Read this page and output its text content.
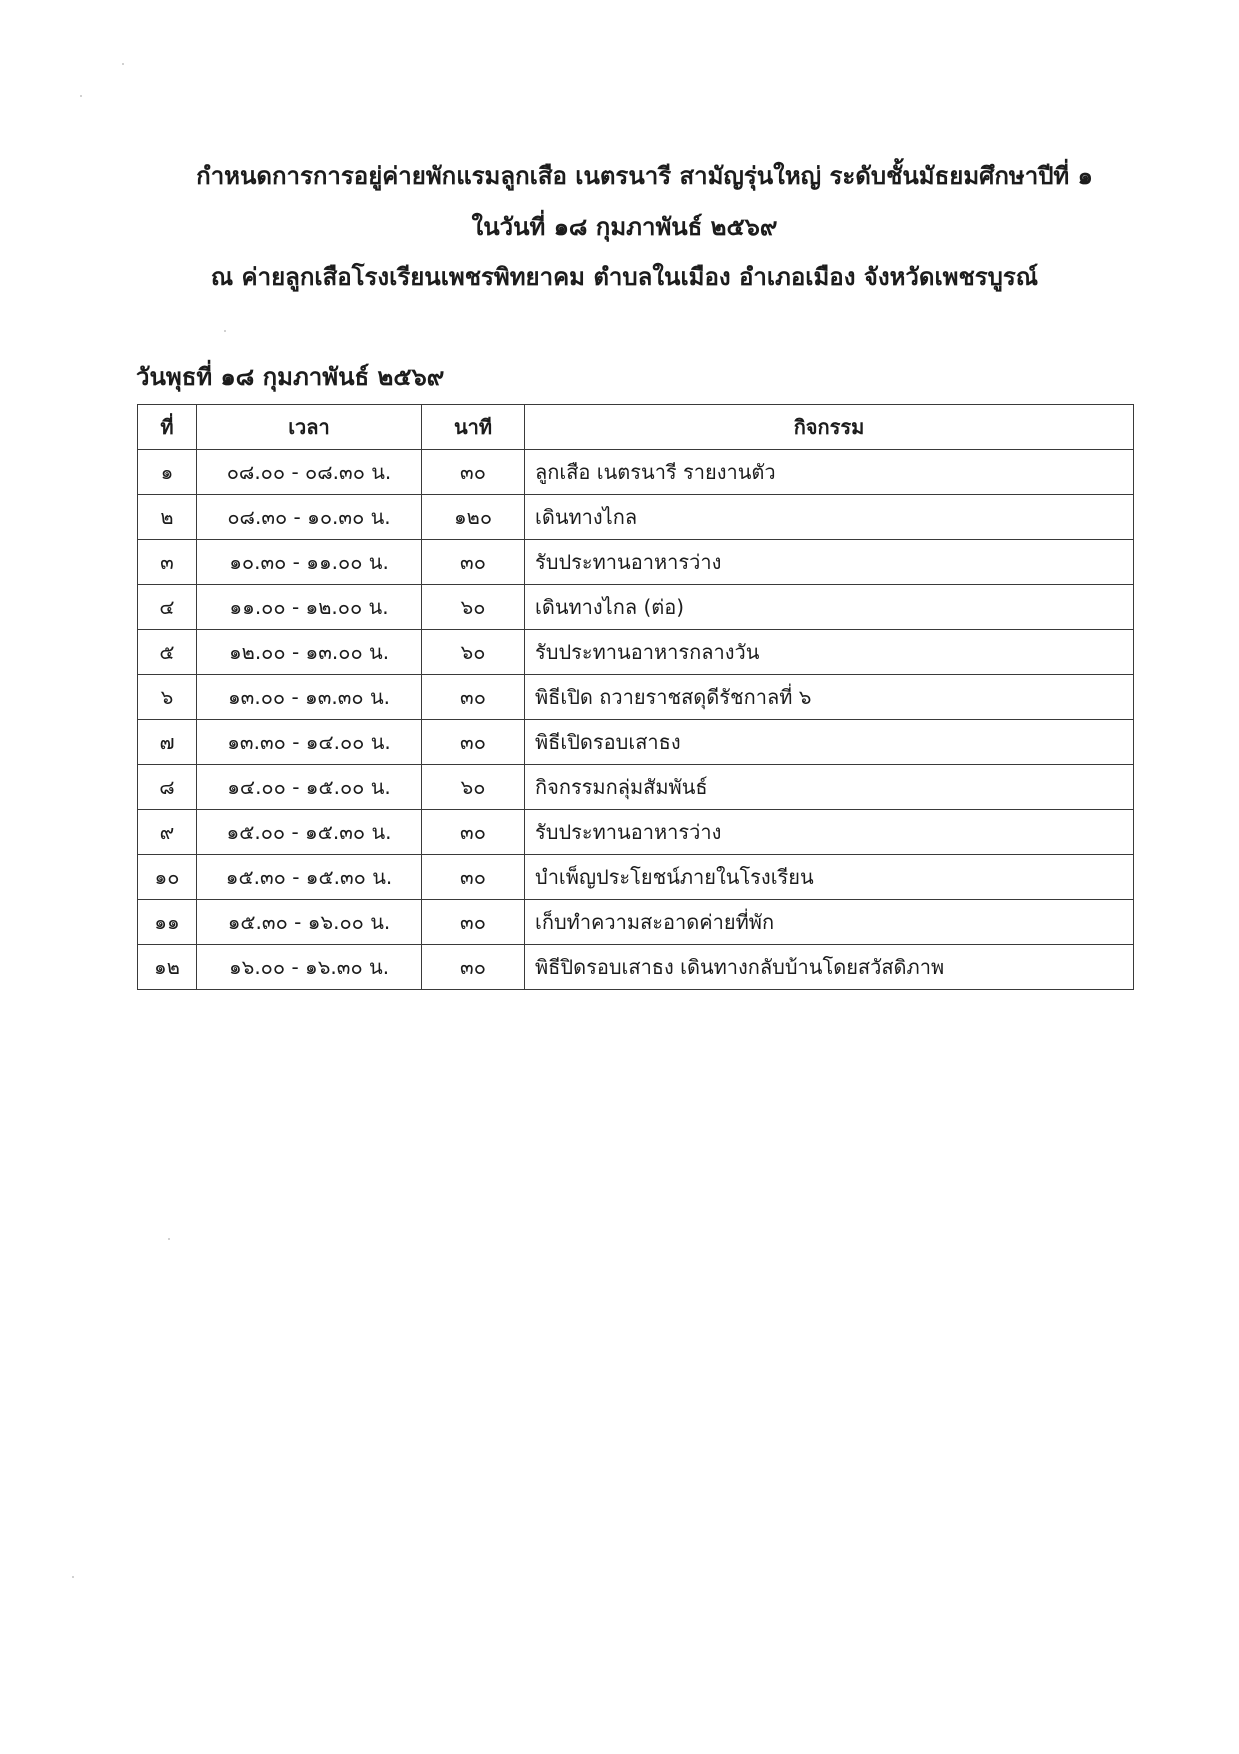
กำหนดการการอยู่ค่ายพักแรมลูกเสือ เนตรนารี สามัญรุ่นใหญ่ ระดับชั้นมัธยมศึกษาปีที่ ๑
ในวันที่ ๑๘ กุมภาพันธ์ ๒๕๖๙
ณ ค่ายลูกเสือโรงเรียนเพชรพิทยาคม ตำบลในเมือง อำเภอเมือง จังหวัดเพชรบูรณ์
วันพุธที่ ๑๘ กุมภาพันธ์ ๒๕๖๙
ที่	เวลา	นาที	กิจกรรม
๑	๐๘.๐๐ - ๐๘.๓๐ น.	๓๐	ลูกเสือ เนตรนารี รายงานตัว
๒	๐๘.๓๐ - ๑๐.๓๐ น.	๑๒๐	เดินทางไกล
๓	๑๐.๓๐ - ๑๑.๐๐ น.	๓๐	รับประทานอาหารว่าง
๔	๑๑.๐๐ - ๑๒.๐๐ น.	๖๐	เดินทางไกล (ต่อ)
๕	๑๒.๐๐ - ๑๓.๐๐ น.	๖๐	รับประทานอาหารกลางวัน
๖	๑๓.๐๐ - ๑๓.๓๐ น.	๓๐	พิธีเปิด ถวายราชสดุดีรัชกาลที่ ๖
๗	๑๓.๓๐ - ๑๔.๐๐ น.	๓๐	พิธีเปิดรอบเสาธง
๘	๑๔.๐๐ - ๑๕.๐๐ น.	๖๐	กิจกรรมกลุ่มสัมพันธ์
๙	๑๕.๐๐ - ๑๕.๓๐ น.	๓๐	รับประทานอาหารว่าง
๑๐	๑๕.๓๐ - ๑๕.๓๐ น.	๓๐	บำเพ็ญประโยชน์ภายในโรงเรียน
๑๑	๑๕.๓๐ - ๑๖.๐๐ น.	๓๐	เก็บทำความสะอาดค่ายที่พัก
๑๒	๑๖.๐๐ - ๑๖.๓๐ น.	๓๐	พิธีปิดรอบเสาธง เดินทางกลับบ้านโดยสวัสดิภาพ
